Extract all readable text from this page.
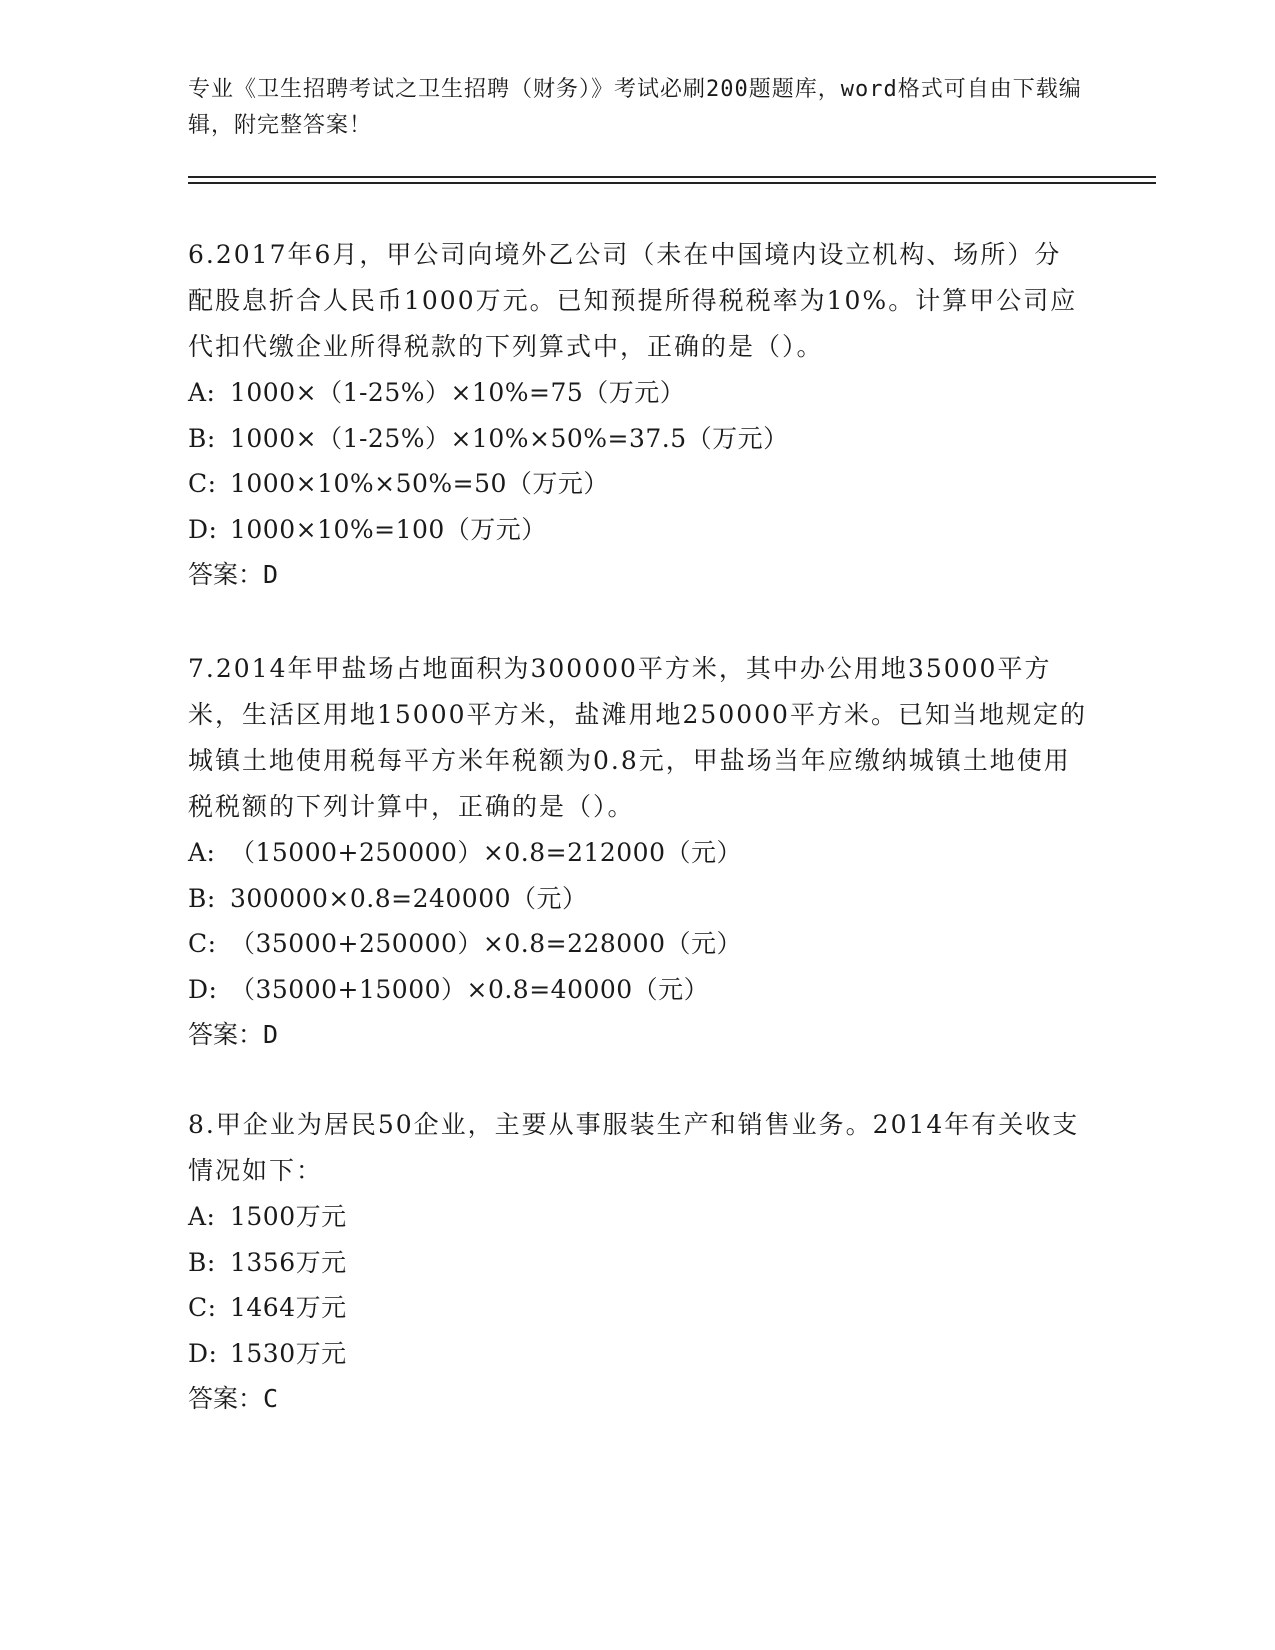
专业《卫生招聘考试之卫生招聘（财务）》考试必刷200题题库，word格式可自由下载编辑，附完整答案！

6.2017年6月，甲公司向境外乙公司（未在中国境内设立机构、场所）分配股息折合人民币1000万元。已知预提所得税税率为10%。计算甲公司应代扣代缴企业所得税款的下列算式中，正确的是（）。

A: 1000×（1-25%）×10%=75（万元）

B: 1000×（1-25%）×10%×50%=37.5（万元）

C: 1000×10%×50%=50（万元）

D: 1000×10%=100（万元）

答案：D

7.2014年甲盐场占地面积为300000平方米，其中办公用地35000平方米，生活区用地15000平方米，盐滩用地250000平方米。已知当地规定的城镇土地使用税每平方米年税额为0.8元，甲盐场当年应缴纳城镇土地使用税税额的下列计算中，正确的是（）。

A: （15000+250000）×0.8=212000（元）

B: 300000×0.8=240000（元）

C: （35000+250000）×0.8=228000（元）

D: （35000+15000）×0.8=40000（元）

答案：D

8.甲企业为居民50企业，主要从事服装生产和销售业务。2014年有关收支情况如下：

A: 1500万元

B: 1356万元

C: 1464万元

D: 1530万元

答案：C
